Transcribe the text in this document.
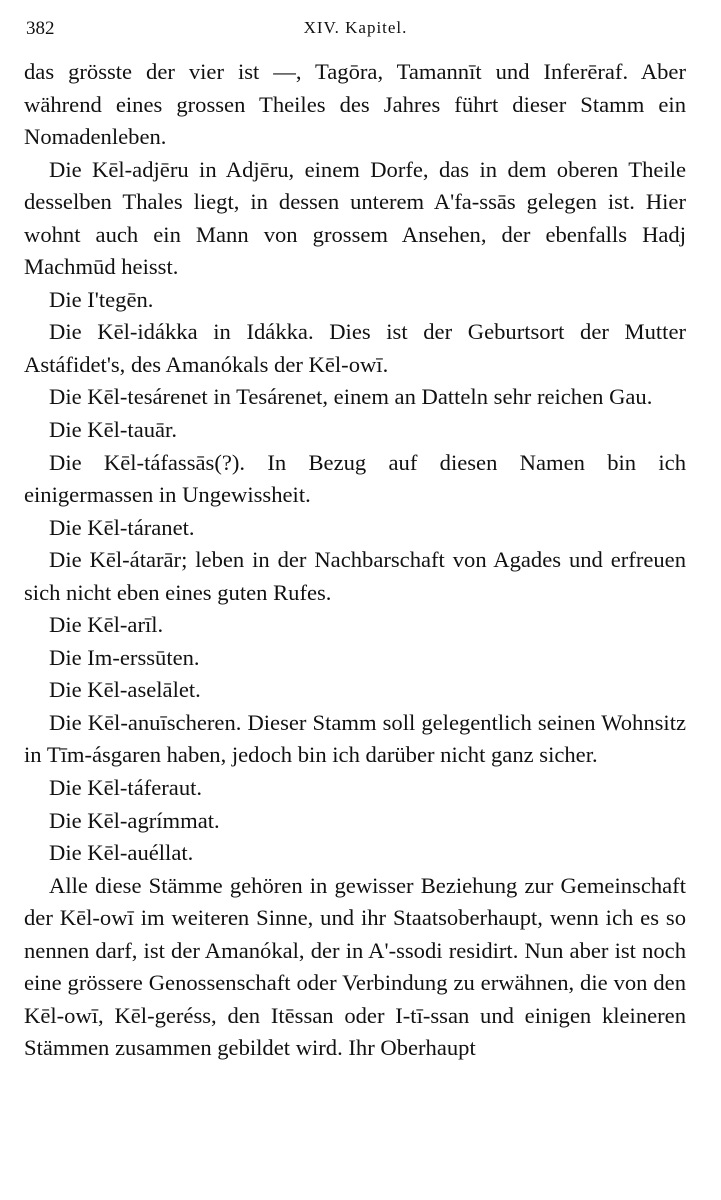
382	XIV. Kapitel.

das grösste der vier ist —, Tagōra, Tamannīt und Inferēraf. Aber während eines grossen Theiles des Jahres führt dieser Stamm ein Nomadenleben.

Die Kēl-adjēru in Adjēru, einem Dorfe, das in dem oberen Theile desselben Thales liegt, in dessen unterem A'fa-ssās gelegen ist. Hier wohnt auch ein Mann von grossem Ansehen, der ebenfalls Hadj Machmūd heisst.

Die I'tegēn.

Die Kēl-idákka in Idákka. Dies ist der Geburtsort der Mutter Astáfidet's, des Amanókals der Kēl-owī.

Die Kēl-tesárenet in Tesárenet, einem an Datteln sehr reichen Gau.

Die Kēl-tauār.

Die Kēl-táfassās(?). In Bezug auf diesen Namen bin ich einigermassen in Ungewissheit.

Die Kēl-táranet.

Die Kēl-átarār; leben in der Nachbarschaft von Agades und erfreuen sich nicht eben eines guten Rufes.

Die Kēl-arīl.

Die Im-erssūten.

Die Kēl-aselālet.

Die Kēl-anuīscheren. Dieser Stamm soll gelegentlich seinen Wohnsitz in Tīm-ásgaren haben, jedoch bin ich darüber nicht ganz sicher.

Die Kēl-táferaut.

Die Kēl-agrímmat.

Die Kēl-auéllat.

Alle diese Stämme gehören in gewisser Beziehung zur Gemeinschaft der Kēl-owī im weiteren Sinne, und ihr Staatsoberhaupt, wenn ich es so nennen darf, ist der Amanókal, der in A'-ssodi residirt. Nun aber ist noch eine grössere Genossenschaft oder Verbindung zu erwähnen, die von den Kēl-owī, Kēl-geréss, den Itēssan oder I-tī-ssan und einigen kleineren Stämmen zusammen gebildet wird. Ihr Oberhaupt
